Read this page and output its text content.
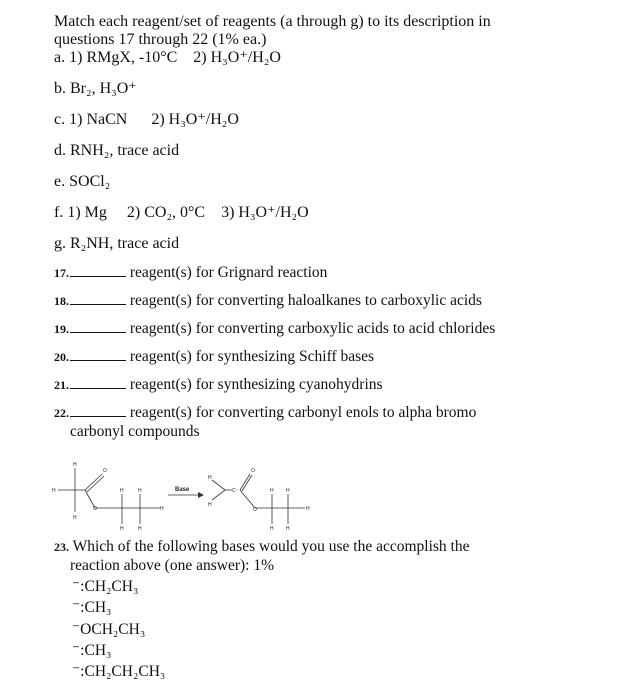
Match each reagent/set of reagents (a through g) to its description in
questions 17 through 22 (1% ea.)
a. 1) RMgX, -10°C 2) H₃O⁺/H₂O
b. Br₂, H₃O⁺
c. 1) NaCN 2) H₃O⁺/H₂O
d. RNH₂, trace acid
e. SOCl₂
f. 1) Mg 2) CO₂, 0°C 3) H₃O⁺/H₂O
g. R₂NH, trace acid
17.	reagent(s) for Grignard reaction
18.	reagent(s) for converting haloalkanes to carboxylic acids
19.	reagent(s) for converting carboxylic acids to acid chlorides
20.	reagent(s) for synthesizing Schiff bases
21.	reagent(s) for synthesizing cyanohydrins
22.	reagent(s) for converting carbonyl enols to alpha bromo
carbonyl compounds
H
H
H
O
O
H	H
H	H
H
Base
H
H
C⁻
O
O
H H
H H
H
23. Which of the following bases would you use the accomplish the
reaction above (one answer): 1%
⁻:CH₂CH₃
⁻:CH₃
⁻OCH₂CH₃
⁻:CH₃
⁻:CH₂CH₂CH₃
